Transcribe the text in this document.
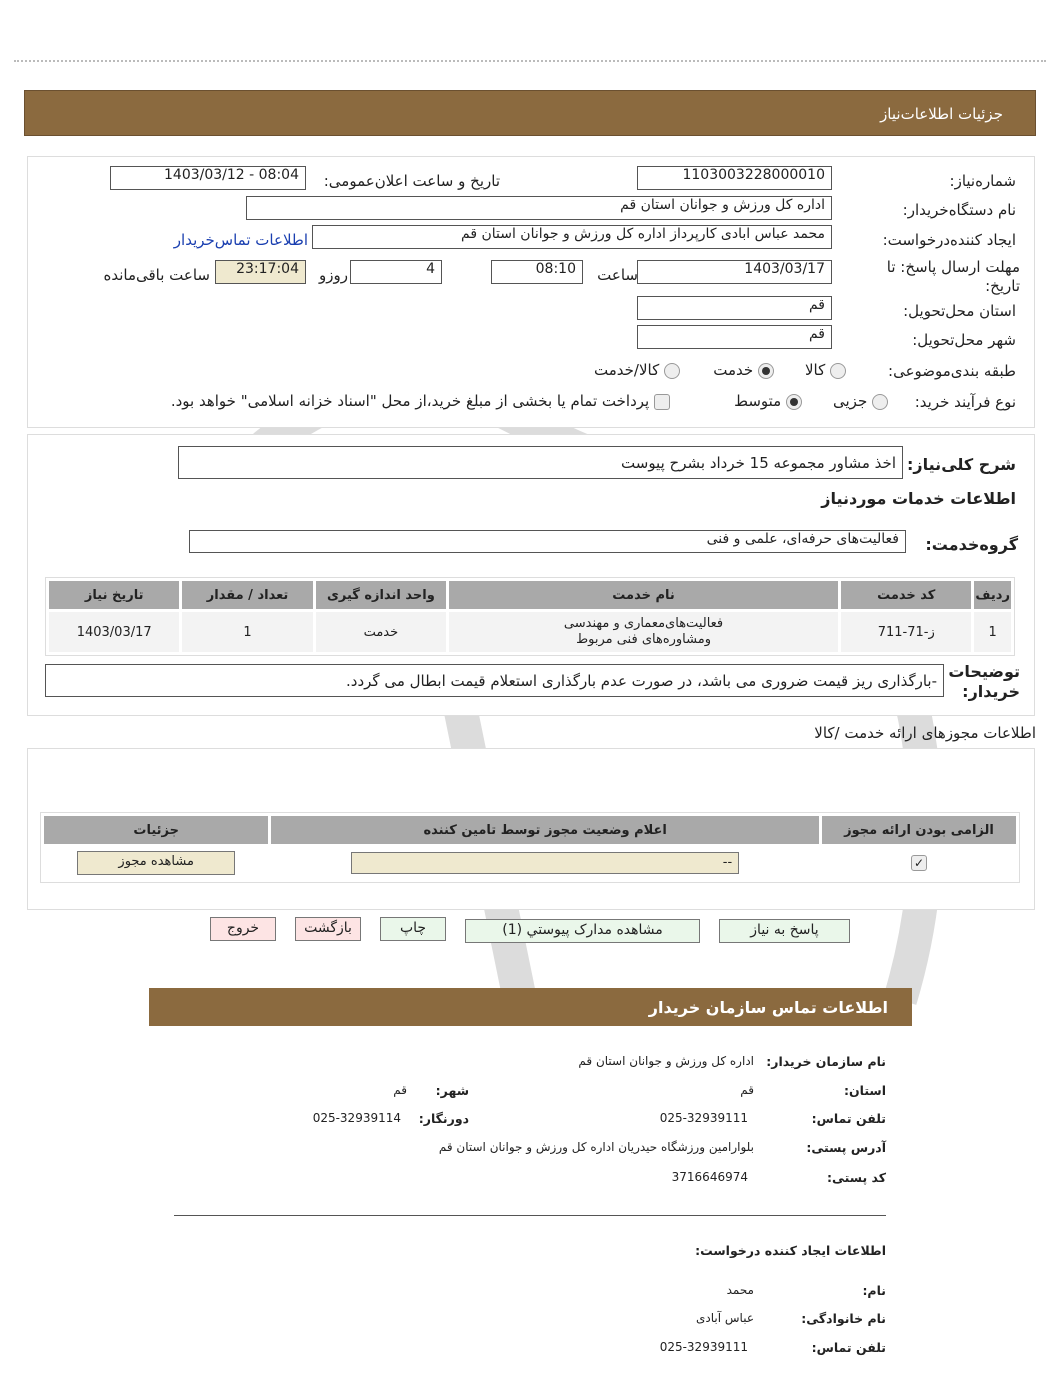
جزئیات اطلاعات‌نیاز
شماره‌نیاز:
1103003228000010
تاریخ و ساعت اعلان‌عمومی:
1403/03/12 - 08:04
نام دستگاه‌خریدار:
اداره کل ورزش و جوانان استان قم
ایجاد کننده‌درخواست:
محمد عباس ابادی کارپرداز اداره کل ورزش و جوانان استان قم
اطلاعات تماس‌خریدار
مهلت ارسال پاسخ: تا تاریخ:
1403/03/17
ساعت
08:10
4
روزو
23:17:04
ساعت باقی‌مانده
استان محل‌تحویل:
قم
شهر محل‌تحویل:
قم
طبقه بندی‌موضوعی:
کالا
خدمت
کالا/خدمت
نوع فرآیند خرید:
جزیی
متوسط
پرداخت تمام یا بخشی از مبلغ خرید،از محل "اسناد خزانه اسلامی" خواهد بود.
شرح کلی‌نیاز:
اخذ مشاور مجموعه 15 خرداد بشرح پیوست
اطلاعات خدمات موردنیاز
گروه‌خدمت:
فعالیت‌های حرفه‌ای، علمی و فنی
ردیف	کد خدمت	نام خدمت	واحد اندازه گیری	تعداد / مقدار	تاریخ نیاز
1	ز-71-711	فعالیت‌های‌معماری و مهندسی ومشاوره‌های فنی مربوط	خدمت	1	1403/03/17
توضیحات خریدار:
-بارگذاری ریز قیمت ضروری می باشد، در صورت عدم بارگذاری استعلام قیمت ابطال می گردد.
اطلاعات مجوزهای ارائه خدمت /کالا
الزامی بودن ارائه مجوز	اعلام وضعیت مجوز توسط تامین کننده	جزئیات
✓	--	مشاهده مجوز
پاسخ به نیاز
مشاهده مدارک پیوستي (1)
چاپ
بازگشت
خروج
اطلاعات تماس سازمان خریدار
نام سازمان خریدار:
اداره کل ورزش و جوانان استان قم
استان:
قم
شهر:
قم
تلفن تماس:
025-32939111
دورنگار:
025-32939114
آدرس پستی:
بلوارامین ورزشگاه حیدریان اداره کل ورزش و جوانان استان قم
کد پستی:
3716646974
اطلاعات ایجاد کننده درخواست:
نام:
محمد
نام خانوادگی:
عباس آبادی
تلفن تماس:
025-32939111
